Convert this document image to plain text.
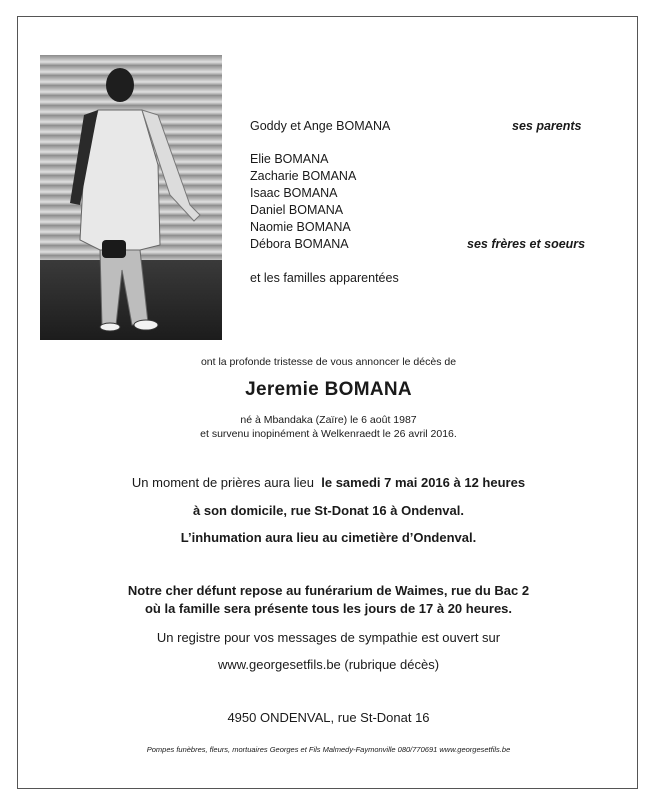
Goddy et Ange BOMANA	ses parents
Elie BOMANA
Zacharie BOMANA
Isaac BOMANA
Daniel BOMANA
Naomie BOMANA
Débora BOMANA	ses frères et soeurs
et les familles apparentées
ont la profonde tristesse de vous annoncer le décès de
Jeremie BOMANA
né à Mbandaka (Zaïre) le 6 août 1987
et survenu inopinément à Welkenraedt le 26 avril 2016.
Un moment de prières aura lieu le samedi 7 mai 2016 à 12 heures
à son domicile, rue St-Donat 16 à Ondenval.
L’inhumation aura lieu au cimetière d’Ondenval.
Notre cher défunt repose au funérarium de Waimes, rue du Bac 2
où la famille sera présente tous les jours de 17 à 20 heures.
Un registre pour vos messages de sympathie est ouvert sur
www.georgesetfils.be (rubrique décès)
4950 ONDENVAL, rue St-Donat 16
Pompes funèbres, fleurs, mortuaires Georges et Fils Malmedy-Faymonville 080/770691 www.georgesetfils.be
